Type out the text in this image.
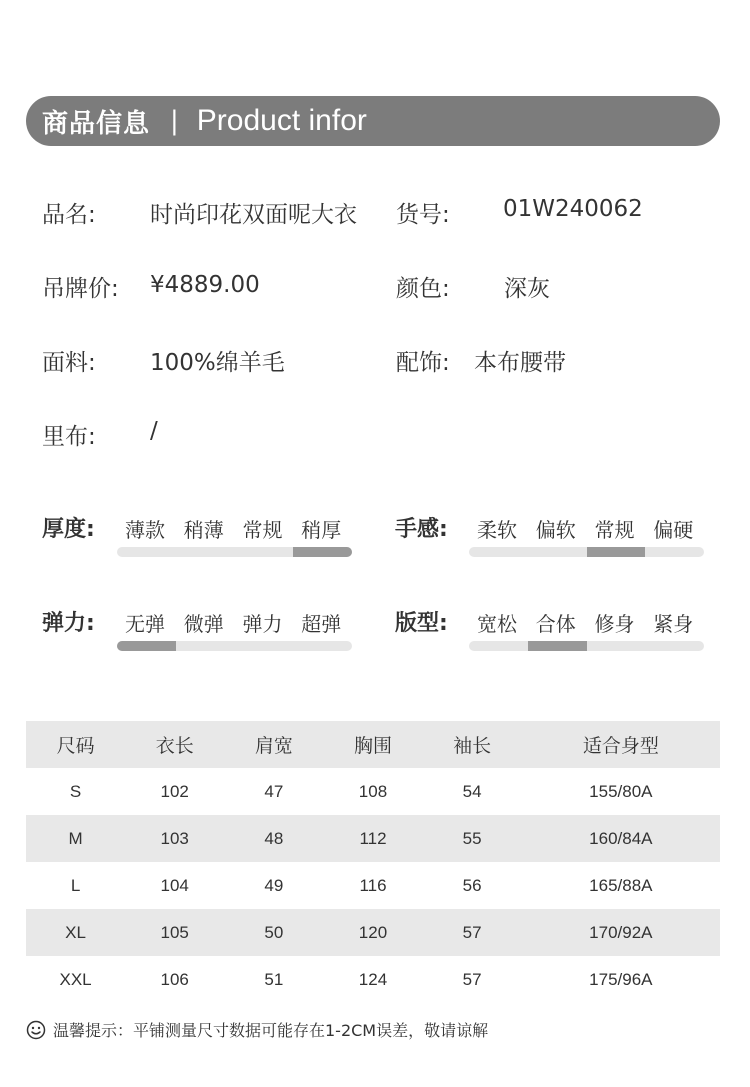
商品信息 | Product infor
品名: 时尚印花双面呢大衣 货号: 01W240062
吊牌价: ¥4889.00	颜色: 深灰
面料: 100%绵羊毛	配饰: 本布腰带
里布: /
厚度:	薄款 稍薄 常规 稍厚	手感:	柔软 偏软 常规 偏硬
弹力:	无弹 微弹 弹力 超弹	版型:	宽松 合体 修身 紧身
尺码	衣长	肩宽	胸围	袖长	适合身型
S	102	47	108	54	155/80A
M	103	48	112	55	160/84A
L	104	49	116	56	165/88A
XL	105	50	120	57	170/92A
XXL	106	51	124	57	175/96A
温馨提示：平铺测量尺寸数据可能存在1-2CM误差，敬请谅解
